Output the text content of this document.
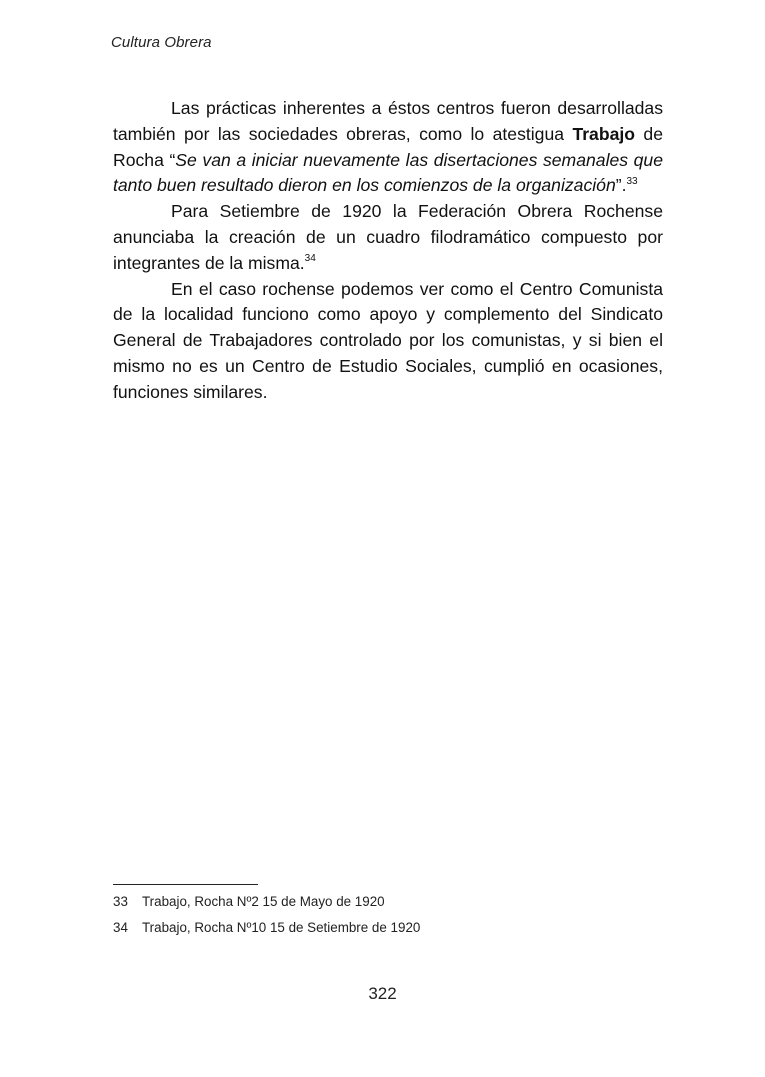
Cultura Obrera

Las prácticas inherentes a éstos centros fueron desarrolladas también por las sociedades obreras, como lo atestigua Trabajo de Rocha “Se van a iniciar nuevamente las disertaciones semanales que tanto buen resultado dieron en los comienzos de la organización”.$^{33}$

Para Setiembre de 1920 la Federación Obrera Rochense anunciaba la creación de un cuadro filodramático compuesto por integrantes de la misma.$^{34}$

En el caso rochense podemos ver como el Centro Comunista de la localidad funciono como apoyo y complemento del Sindicato General de Trabajadores controlado por los comunistas, y si bien el mismo no es un Centro de Estudio Sociales, cumplió en ocasiones, funciones similares.

33	Trabajo, Rocha Nº2 15 de Mayo de 1920
34	Trabajo, Rocha Nº10 15 de Setiembre de 1920
322
